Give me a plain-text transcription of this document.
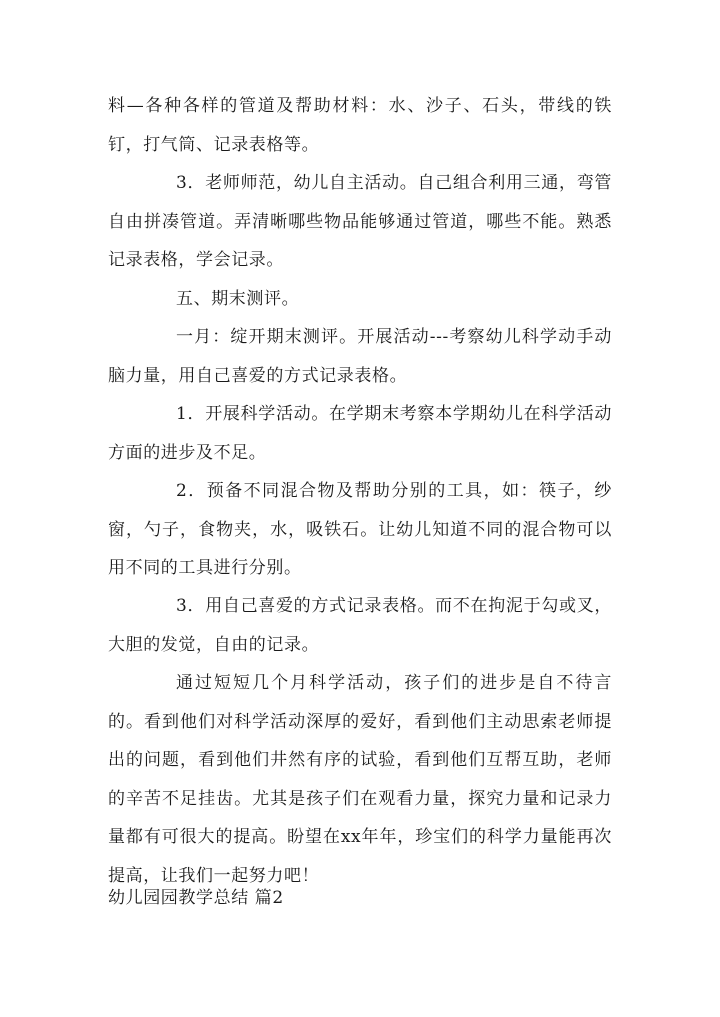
料—各种各样的管道及帮助材料：水、沙子、石头，带线的铁钉，打气筒、记录表格等。

3．老师师范，幼儿自主活动。自己组合利用三通，弯管自由拼凑管道。弄清晰哪些物品能够通过管道，哪些不能。熟悉记录表格，学会记录。

五、期末测评。

一月：绽开期末测评。开展活动---考察幼儿科学动手动脑力量，用自己喜爱的方式记录表格。

1．开展科学活动。在学期末考察本学期幼儿在科学活动方面的进步及不足。

2．预备不同混合物及帮助分别的工具，如：筷子，纱窗，勺子，食物夹，水，吸铁石。让幼儿知道不同的混合物可以用不同的工具进行分别。

3．用自己喜爱的方式记录表格。而不在拘泥于勾或叉，大胆的发觉，自由的记录。

通过短短几个月科学活动，孩子们的进步是自不待言的。看到他们对科学活动深厚的爱好，看到他们主动思索老师提出的问题，看到他们井然有序的试验，看到他们互帮互助，老师的辛苦不足挂齿。尤其是孩子们在观看力量，探究力量和记录力量都有可很大的提高。盼望在xx年年，珍宝们的科学力量能再次提高，让我们一起努力吧！

幼儿园园教学总结 篇2
